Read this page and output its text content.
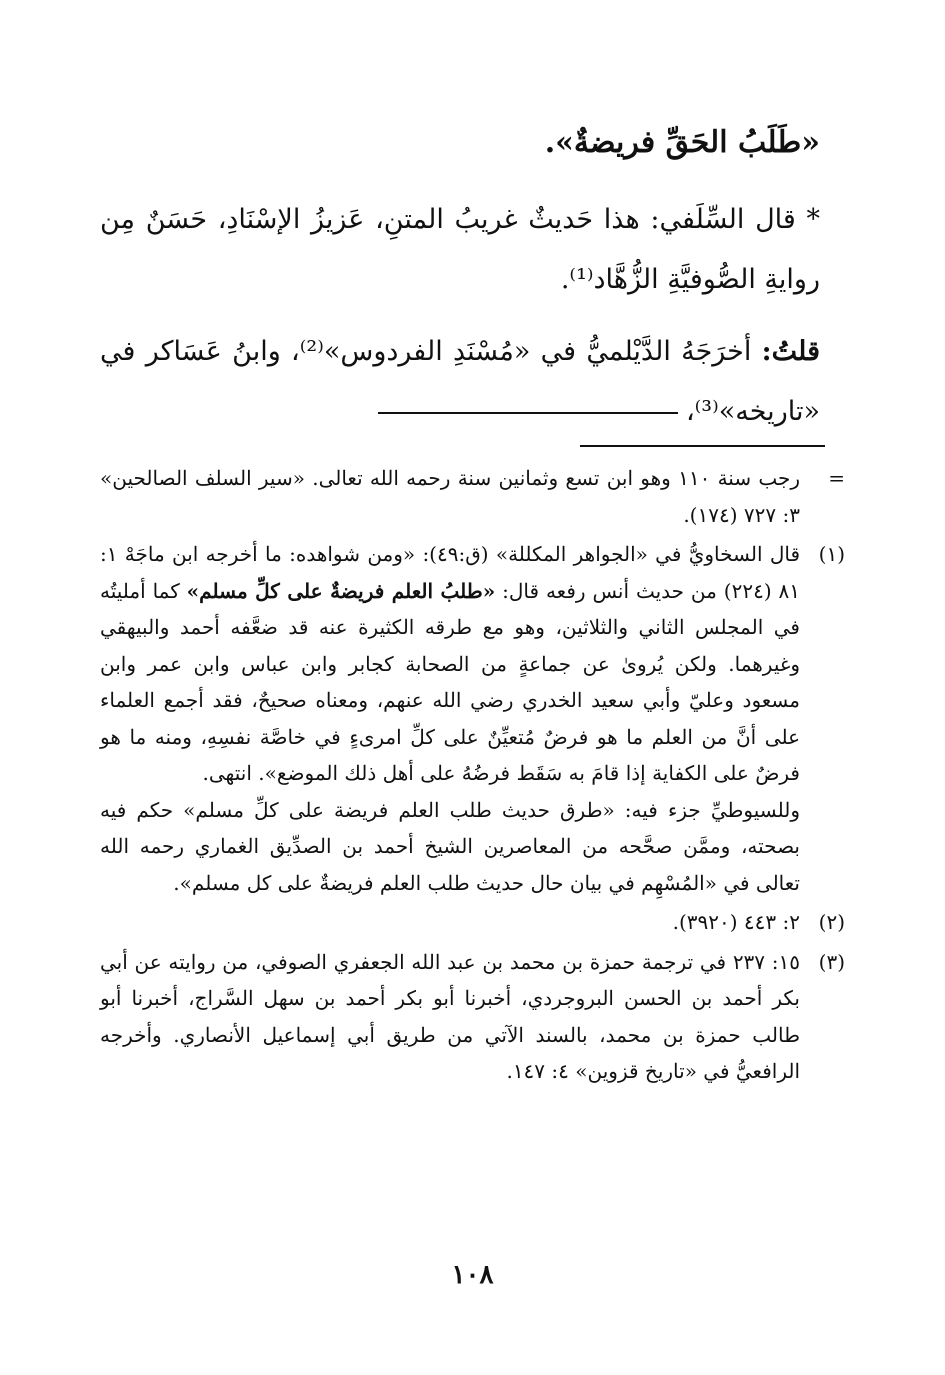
«طَلَبُ الحَقِّ فريضةٌ».

* قال السِّلَفي: هذا حَديثٌ غريبُ المتنِ، عَزيزُ الإسْنَادِ، حَسَنٌ مِن روايةِ الصُّوفيَّةِ الزُّهَّاد⁽¹⁾.

قلتُ: أخرَجَهُ الدَّيْلميُّ في «مُسْنَدِ الفردوس»⁽²⁾، وابنُ عَسَاكر في «تاريخه»⁽³⁾،

=

رجب سنة ١١٠ وهو ابن تسع وثمانين سنة رحمه الله تعالى. «سير السلف الصالحين» ٣: ٧٢٧ (١٧٤).

(١)

قال السخاويُّ في «الجواهر المكللة» (ق:٤٩): «ومن شواهده: ما أخرجه ابن ماجَهْ ١: ٨١ (٢٢٤) من حديث أنس رفعه قال: «طلبُ العلم فريضةٌ على كلِّ مسلم» كما أمليتُه في المجلس الثاني والثلاثين، وهو مع طرقه الكثيرة عنه قد ضعَّفه أحمد والبيهقي وغيرهما. ولكن يُروىٰ عن جماعةٍ من الصحابة كجابر وابن عباس وابن عمر وابن مسعود وعليّ وأبي سعيد الخدري رضي الله عنهم، ومعناه صحيحٌ، فقد أجمع العلماء على أنَّ من العلم ما هو فرضٌ مُتعيِّنٌ على كلِّ امرىءٍ في خاصَّة نفسِهِ، ومنه ما هو فرضٌ على الكفاية إذا قامَ به سَقَط فرضُهُ على أهل ذلك الموضع». انتهى.

وللسيوطيِّ جزء فيه: «طرق حديث طلب العلم فريضة على كلِّ مسلم» حكم فيه بصحته، وممَّن صحَّحه من المعاصرين الشيخ أحمد بن الصدِّيق الغماري رحمه الله تعالى في «المُسْهِم في بيان حال حديث طلب العلم فريضةٌ على كل مسلم».

(٢)

٢: ٤٤٣ (٣٩٢٠).

(٣)

١٥: ٢٣٧ في ترجمة حمزة بن محمد بن عبد الله الجعفري الصوفي، من روايته عن أبي بكر أحمد بن الحسن البروجردي، أخبرنا أبو بكر أحمد بن سهل السَّراج، أخبرنا أبو طالب حمزة بن محمد، بالسند الآتي من طريق أبي إسماعيل الأنصاري. وأخرجه الرافعيُّ في «تاريخ قزوين» ٤: ١٤٧.

١٠٨
